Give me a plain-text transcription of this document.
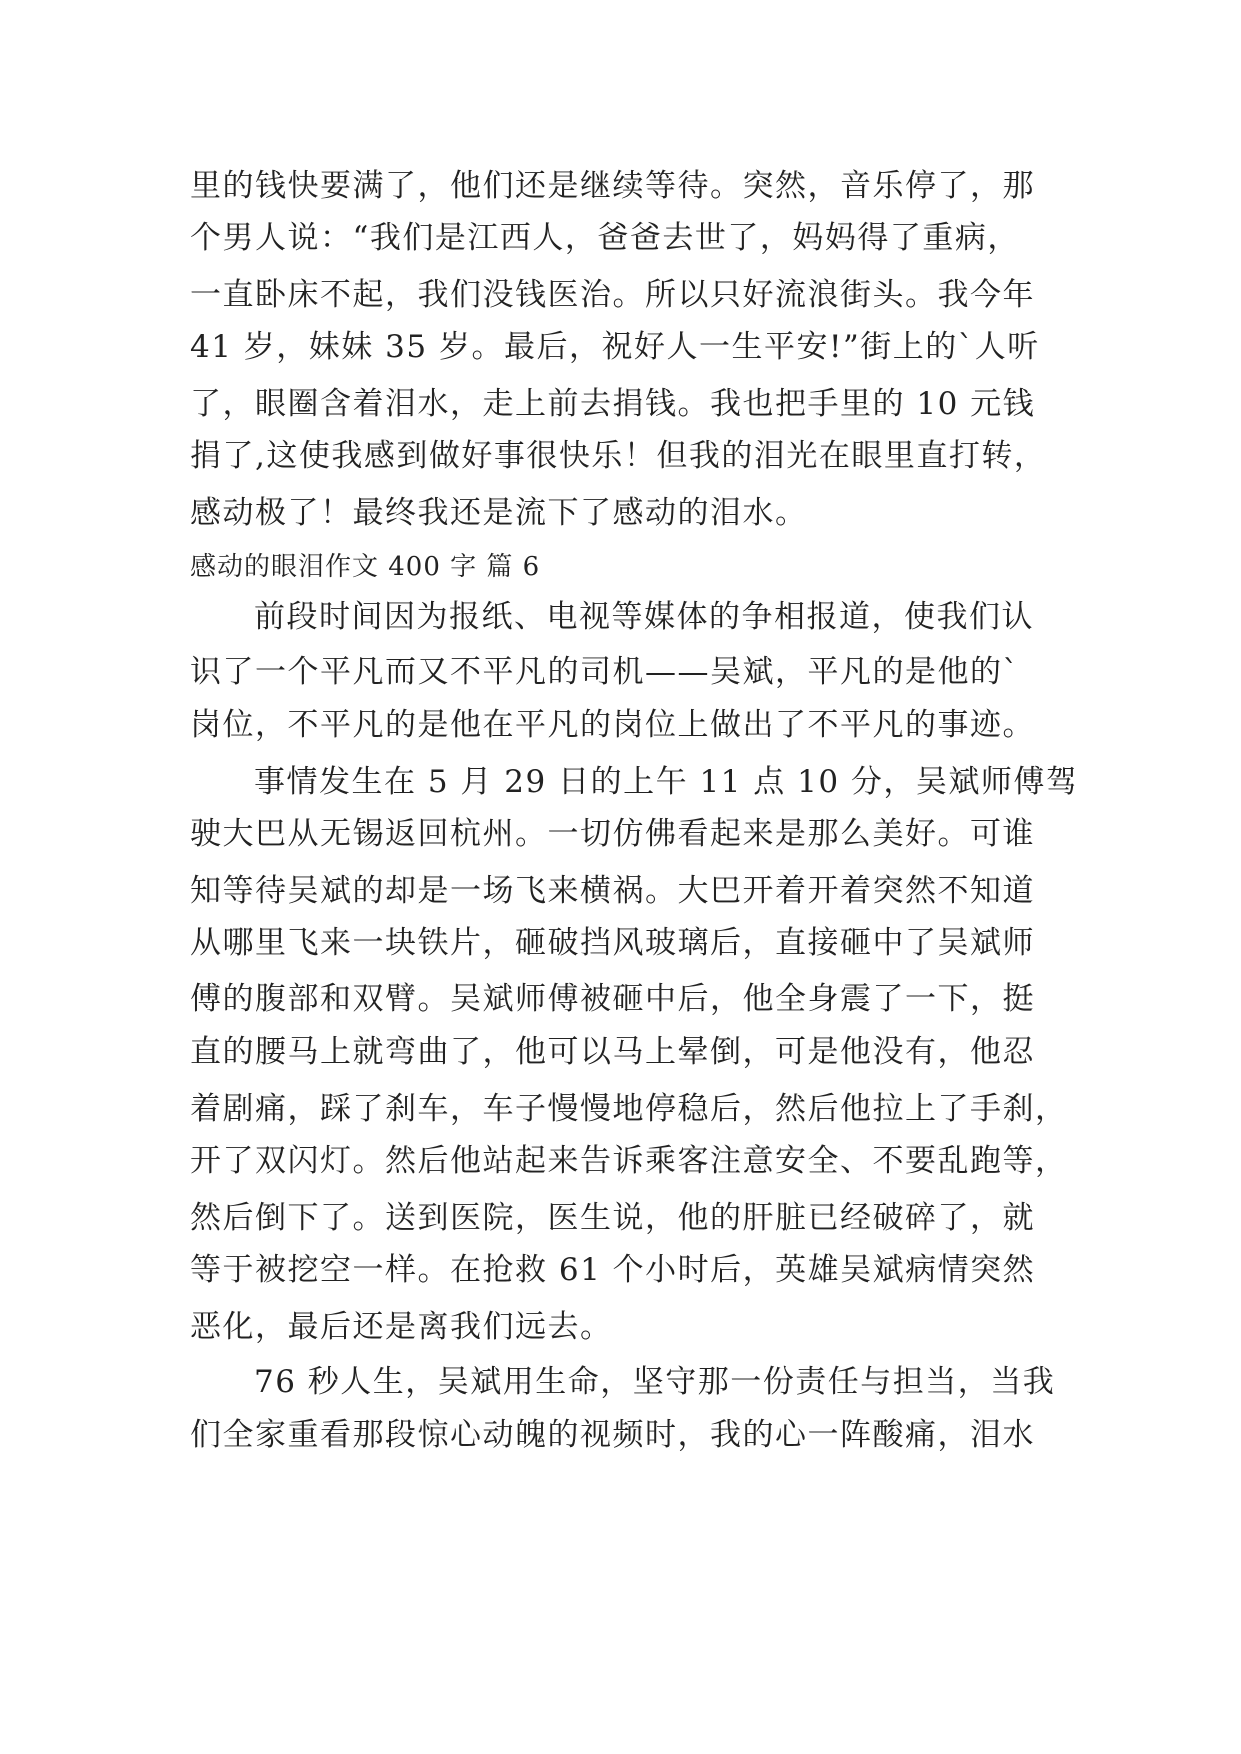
里的钱快要满了，他们还是继续等待。突然，音乐停了，那
个男人说：“我们是江西人，爸爸去世了，妈妈得了重病，
一直卧床不起，我们没钱医治。所以只好流浪街头。我今年
41 岁，妹妹 35 岁。最后，祝好人一生平安!”街上的`人听
了，眼圈含着泪水，走上前去捐钱。我也把手里的 10 元钱
捐了,这使我感到做好事很快乐！但我的泪光在眼里直打转，
感动极了！最终我还是流下了感动的泪水。
感动的眼泪作文 400 字 篇 6
前段时间因为报纸、电视等媒体的争相报道，使我们认
识了一个平凡而又不平凡的司机——吴斌，平凡的是他的`
岗位，不平凡的是他在平凡的岗位上做出了不平凡的事迹。
事情发生在 5 月 29 日的上午 11 点 10 分，吴斌师傅驾
驶大巴从无锡返回杭州。一切仿佛看起来是那么美好。可谁
知等待吴斌的却是一场飞来横祸。大巴开着开着突然不知道
从哪里飞来一块铁片，砸破挡风玻璃后，直接砸中了吴斌师
傅的腹部和双臂。吴斌师傅被砸中后，他全身震了一下，挺
直的腰马上就弯曲了，他可以马上晕倒，可是他没有，他忍
着剧痛，踩了刹车，车子慢慢地停稳后，然后他拉上了手刹，
开了双闪灯。然后他站起来告诉乘客注意安全、不要乱跑等，
然后倒下了。送到医院，医生说，他的肝脏已经破碎了，就
等于被挖空一样。在抢救 61 个小时后，英雄吴斌病情突然
恶化，最后还是离我们远去。
76 秒人生，吴斌用生命，坚守那一份责任与担当，当我
们全家重看那段惊心动魄的视频时，我的心一阵酸痛，泪水
